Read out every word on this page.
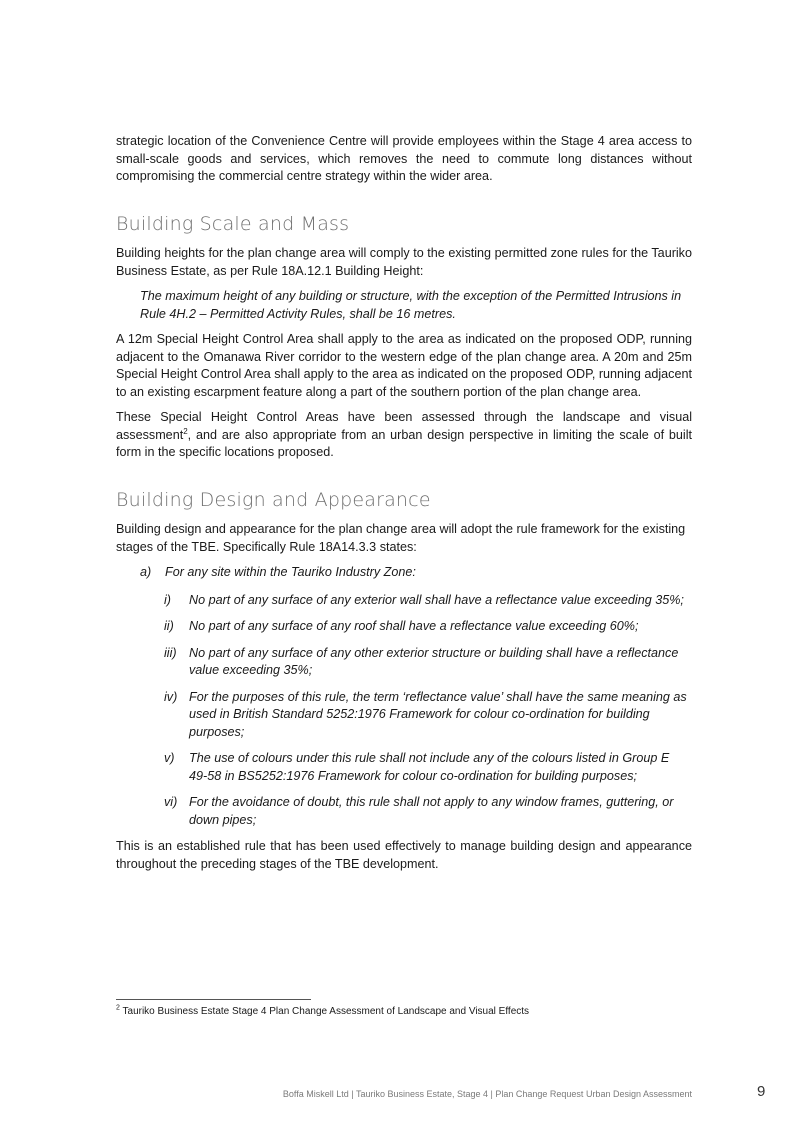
strategic location of the Convenience Centre will provide employees within the Stage 4 area access to small-scale goods and services, which removes the need to commute long distances without compromising the commercial centre strategy within the wider area.

Building Scale and Mass

Building heights for the plan change area will comply to the existing permitted zone rules for the Tauriko Business Estate, as per Rule 18A.12.1 Building Height:

The maximum height of any building or structure, with the exception of the Permitted Intrusions in Rule 4H.2 – Permitted Activity Rules, shall be 16 metres.

A 12m Special Height Control Area shall apply to the area as indicated on the proposed ODP, running adjacent to the Omanawa River corridor to the western edge of the plan change area. A 20m and 25m Special Height Control Area shall apply to the area as indicated on the proposed ODP, running adjacent to an existing escarpment feature along a part of the southern portion of the plan change area.

These Special Height Control Areas have been assessed through the landscape and visual assessment$^2$, and are also appropriate from an urban design perspective in limiting the scale of built form in the specific locations proposed.

Building Design and Appearance

Building design and appearance for the plan change area will adopt the rule framework for the existing stages of the TBE. Specifically Rule 18A14.3.3 states:

a)	For any site within the Tauriko Industry Zone:
i)	No part of any surface of any exterior wall shall have a reflectance value exceeding 35%;
ii)	No part of any surface of any roof shall have a reflectance value exceeding 60%;
iii) No part of any surface of any other exterior structure or building shall have a reflectance value exceeding 35%;
iv) For the purposes of this rule, the term ‘reflectance value’ shall have the same meaning as used in British Standard 5252:1976 Framework for colour co-ordination for building purposes;
v)	The use of colours under this rule shall not include any of the colours listed in Group E 49-58 in BS5252:1976 Framework for colour co-ordination for building purposes;
vi) For the avoidance of doubt, this rule shall not apply to any window frames, guttering, or down pipes;

This is an established rule that has been used effectively to manage building design and appearance throughout the preceding stages of the TBE development.

$^2$ Tauriko Business Estate Stage 4 Plan Change Assessment of Landscape and Visual Effects
Boffa Miskell Ltd | Tauriko Business Estate, Stage 4 | Plan Change Request Urban Design Assessment	9
